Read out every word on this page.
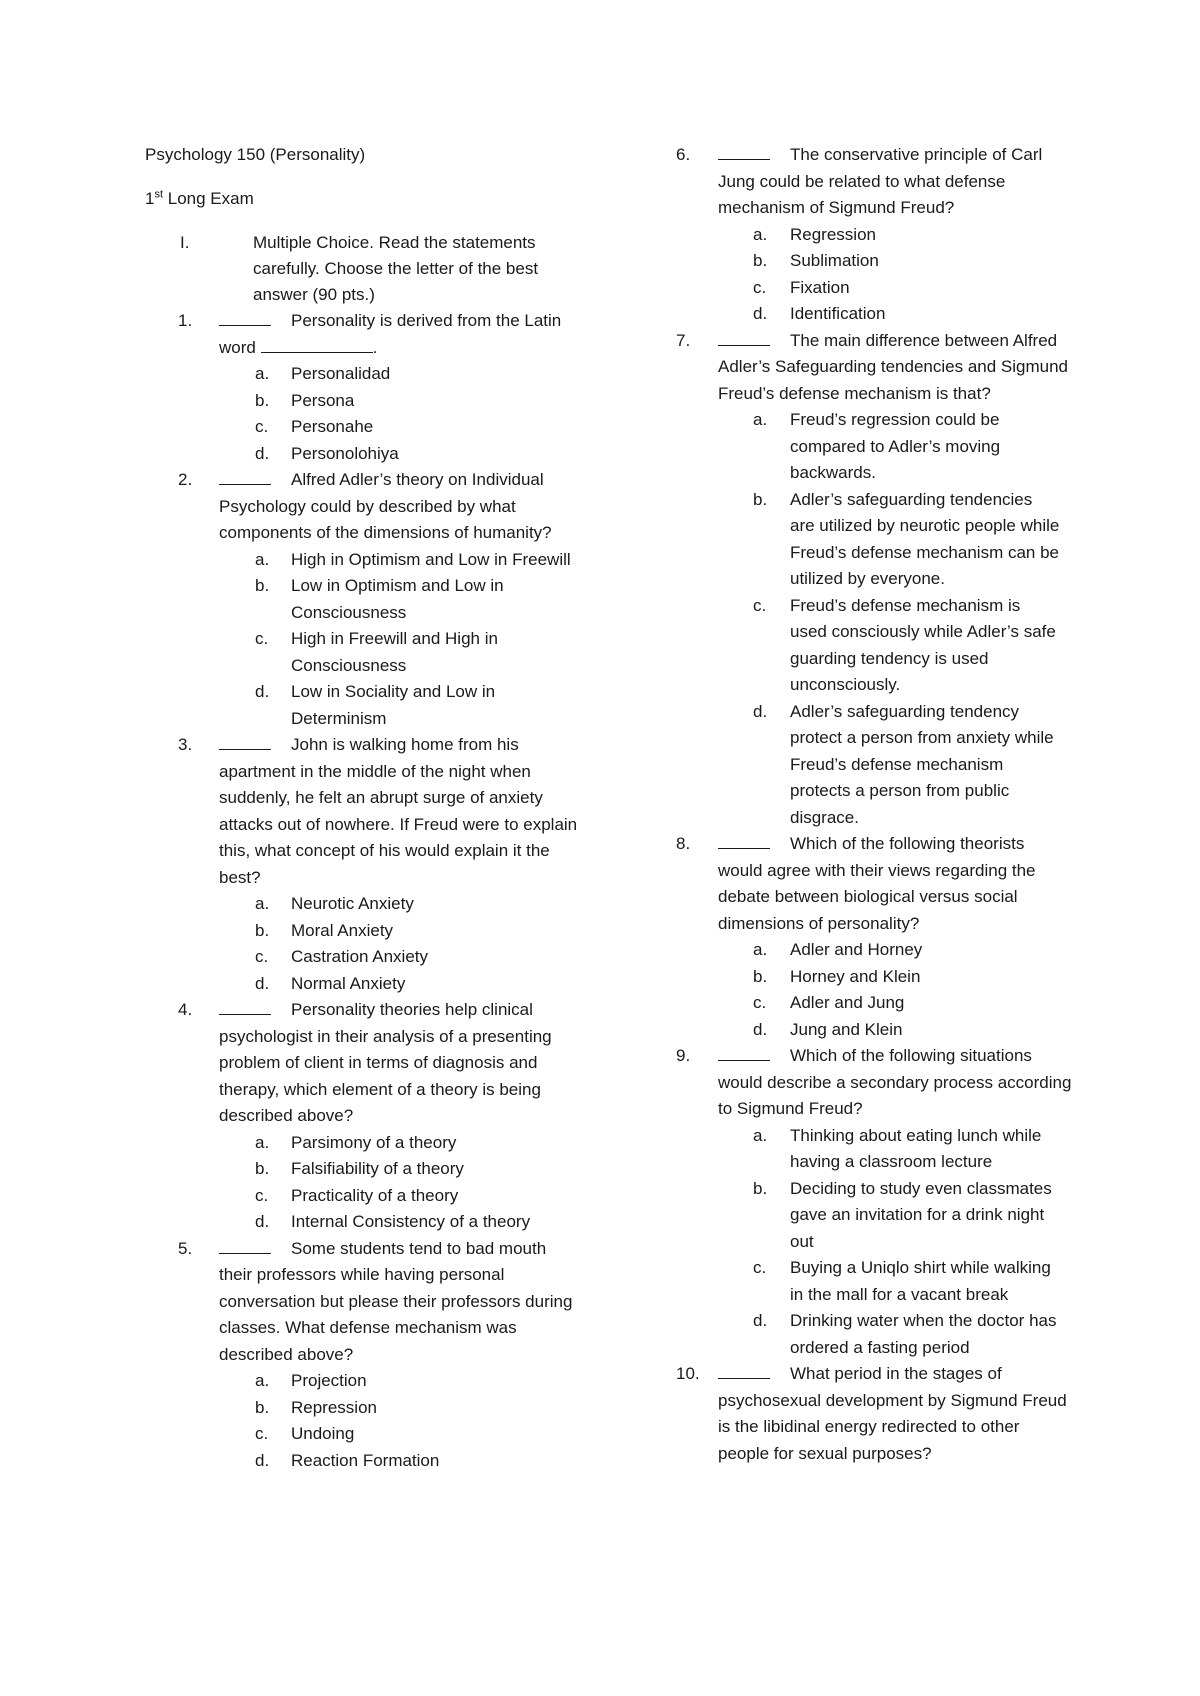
Psychology 150 (Personality)
1st Long Exam
I.	Multiple Choice. Read the statements carefully. Choose the letter of the best answer (90 pts.)
1.	Personality is derived from the Latin word	.
a. Personalidad
b. Persona
c. Personahe
d. Personolohiya
2.	Alfred Adler’s theory on Individual Psychology could by described by what components of the dimensions of humanity?
a. High in Optimism and Low in Freewill
b. Low in Optimism and Low in Consciousness
c. High in Freewill and High in Consciousness
d. Low in Sociality and Low in Determinism
3.	John is walking home from his apartment in the middle of the night when suddenly, he felt an abrupt surge of anxiety attacks out of nowhere. If Freud were to explain this, what concept of his would explain it the best?
a. Neurotic Anxiety
b. Moral Anxiety
c. Castration Anxiety
d. Normal Anxiety
4.	Personality theories help clinical psychologist in their analysis of a presenting problem of client in terms of diagnosis and therapy, which element of a theory is being described above?
a. Parsimony of a theory
b. Falsifiability of a theory
c. Practicality of a theory
d. Internal Consistency of a theory
5.	Some students tend to bad mouth their professors while having personal conversation but please their professors during classes. What defense mechanism was described above?
a. Projection
b. Repression
c. Undoing
d. Reaction Formation
6.	The conservative principle of Carl Jung could be related to what defense mechanism of Sigmund Freud?
a. Regression
b. Sublimation
c. Fixation
d. Identification
7.	The main difference between Alfred Adler’s Safeguarding tendencies and Sigmund Freud’s defense mechanism is that?
a. Freud’s regression could be compared to Adler’s moving backwards.
b. Adler’s safeguarding tendencies are utilized by neurotic people while Freud’s defense mechanism can be utilized by everyone.
c. Freud’s defense mechanism is used consciously while Adler’s safe guarding tendency is used unconsciously.
d. Adler’s safeguarding tendency protect a person from anxiety while Freud’s defense mechanism protects a person from public disgrace.
8.	Which of the following theorists would agree with their views regarding the debate between biological versus social dimensions of personality?
a. Adler and Horney
b. Horney and Klein
c. Adler and Jung
d. Jung and Klein
9.	Which of the following situations would describe a secondary process according to Sigmund Freud?
a. Thinking about eating lunch while having a classroom lecture
b. Deciding to study even classmates gave an invitation for a drink night out
c. Buying a Uniqlo shirt while walking in the mall for a vacant break
d. Drinking water when the doctor has ordered a fasting period
10.	What period in the stages of psychosexual development by Sigmund Freud is the libidinal energy redirected to other people for sexual purposes?
